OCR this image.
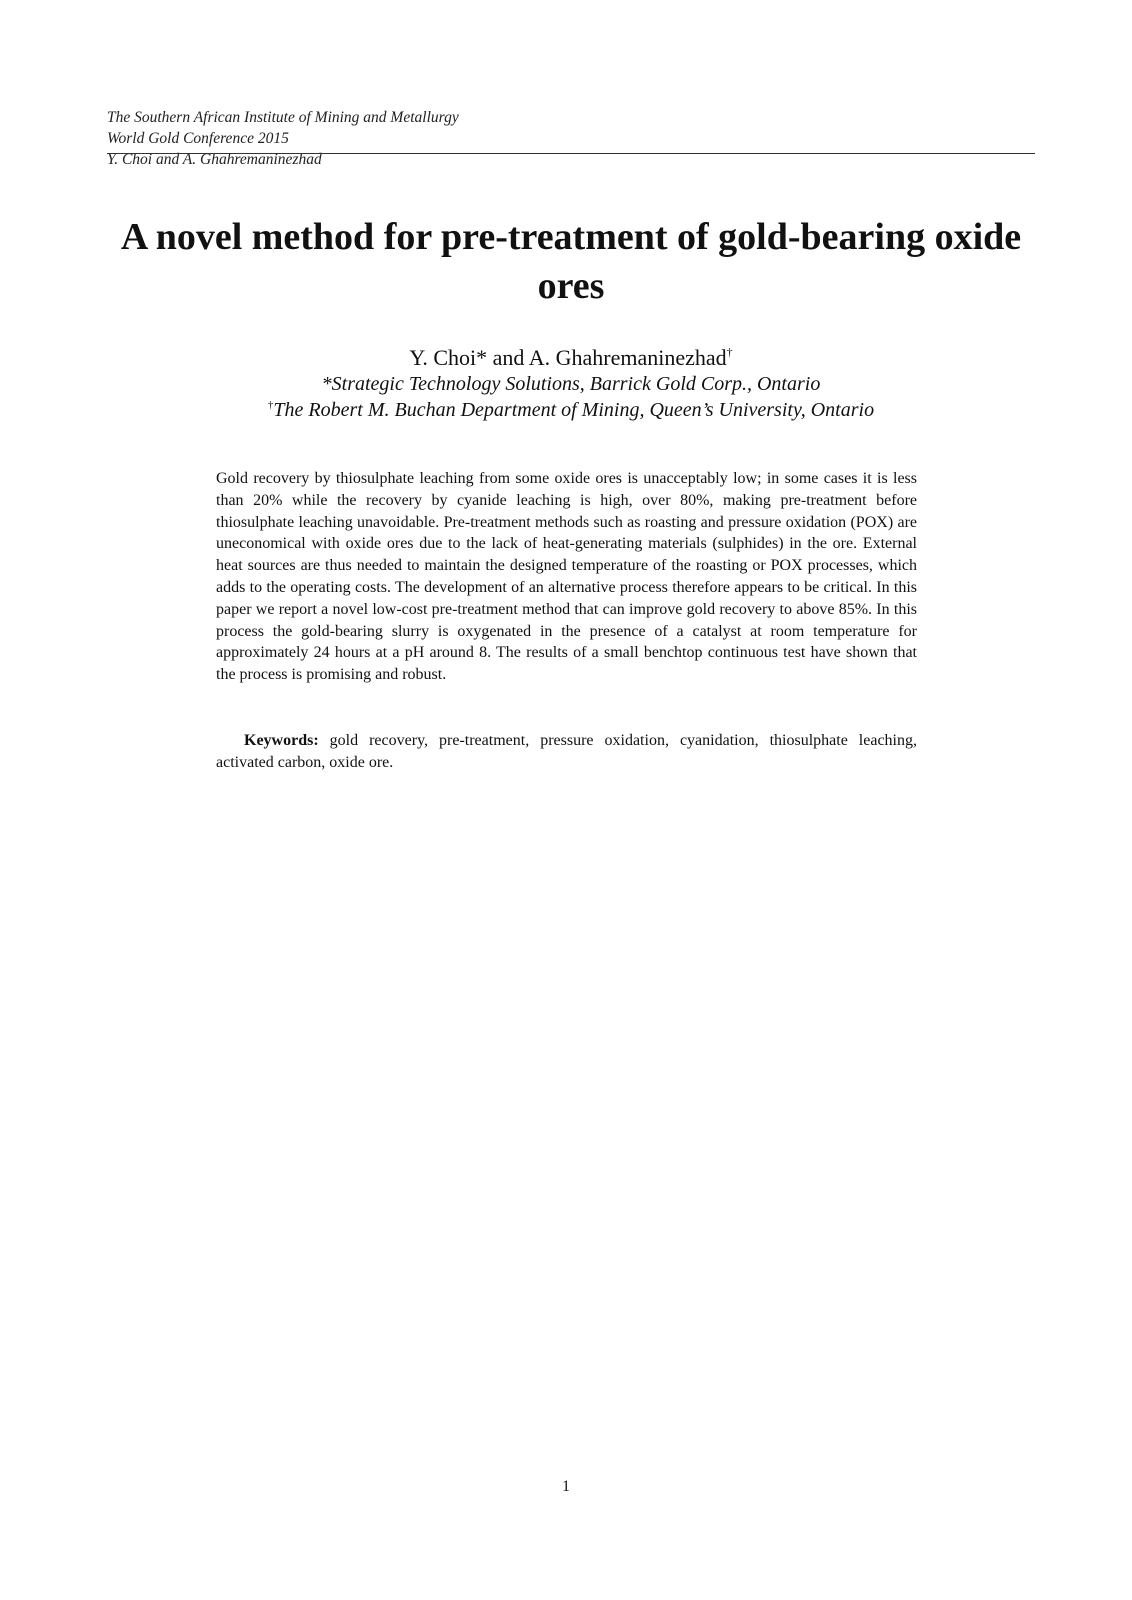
The Southern African Institute of Mining and Metallurgy
World Gold Conference 2015
Y. Choi and A. Ghahremaninezhad
A novel method for pre-treatment of gold-bearing oxide ores
Y. Choi* and A. Ghahremaninezhad†
*Strategic Technology Solutions, Barrick Gold Corp., Ontario
†The Robert M. Buchan Department of Mining, Queen’s University, Ontario

Gold recovery by thiosulphate leaching from some oxide ores is unacceptably low; in some cases it is less than 20% while the recovery by cyanide leaching is high, over 80%, making pre-treatment before thiosulphate leaching unavoidable. Pre-treatment methods such as roasting and pressure oxidation (POX) are uneconomical with oxide ores due to the lack of heat-generating materials (sulphides) in the ore. External heat sources are thus needed to maintain the designed temperature of the roasting or POX processes, which adds to the operating costs. The development of an alternative process therefore appears to be critical. In this paper we report a novel low-cost pre-treatment method that can improve gold recovery to above 85%. In this process the gold-bearing slurry is oxygenated in the presence of a catalyst at room temperature for approximately 24 hours at a pH around 8. The results of a small benchtop continuous test have shown that the process is promising and robust.

Keywords: gold recovery, pre-treatment, pressure oxidation, cyanidation, thiosulphate leaching, activated carbon, oxide ore.

1
